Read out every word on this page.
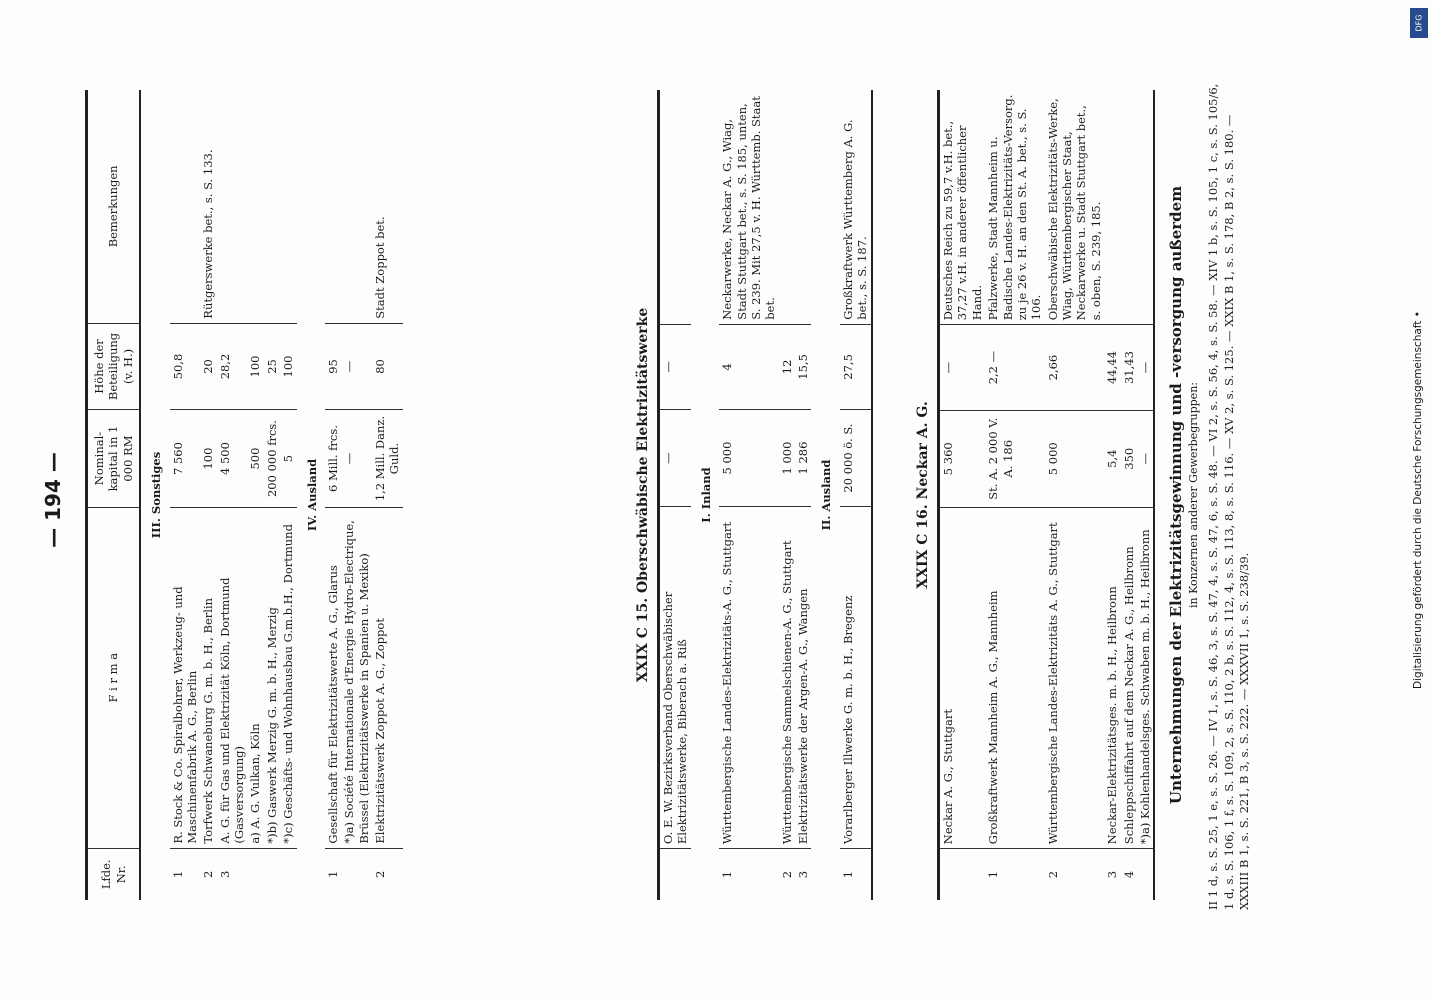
Digitalisierung gefördert durch die Deutsche Forschungsgemeinschaft •
DFG
— 194 —
Lfde. Nr.	F i r m a	Nominal-kapital in 1 000 RM	Höhe der Beteiligung (v. H.)	Bemerkungen
III. Sonstiges				
1	R. Stock & Co. Spiralbohrer, Werkzeug- und Maschinenfabrik A. G., Berlin	7 560	50,8	
2	Torfwerk Schwaneburg G. m. b. H., Berlin	100	20	Rütgerswerke bet., s. S. 133.
3	A. G. für Gas und Elektrizität Köln, Dortmund (Gasversorgung)	4 500	28,2	
	a) A. G. Vulkan, Köln	500	100	
	*)b) Gaswerk Merzig G. m. b. H., Merzig	200 000 frcs.	25	
	*)c) Geschäfts- und Wohnhausbau G.m.b.H., Dortmund	5	100	
IV. Ausland				
1	Gesellschaft für Elektrizitätswerte A. G., Glarus	6 Mill. frcs.	95	
	*)a) Société Internationale d'Energie Hydro-Electrique, Brüssel (Elektrizitätswerke in Spanien u. Mexiko)	—	—	
2	Elektrizitätswerk Zoppot A. G., Zoppot	1,2 Mill. Danz. Guld.	80	Stadt Zoppot bet.
XXIX C 15. Oberschwäbische Elektrizitätswerke
	O. E. W. Bezirksverband Oberschwäbischer Elektrizitätswerke, Biberach a. Riß	—	—	
I. Inland				
1	Württembergische Landes-Elektrizitäts-A. G., Stuttgart	5 000	4	Neckarwerke, Neckar A. G., Wiag, Stadt Stuttgart bet., s. S. 185, unten, S. 239. Mit 27,5 v. H. Württemb. Staat bet.
2	Württembergische Sammelschienen-A. G., Stuttgart	1 000	12	
3	Elektrizitätswerke der Argen-A. G., Wangen	1 286	15,5	
II. Ausland				
1	Vorarlberger Illwerke G. m. b. H., Bregenz	20 000 ö. S.	27,5	Großkraftwerk Württemberg A. G. bet., s. S. 187.
XXIX C 16. Neckar A. G.
	Neckar A. G., Stuttgart	5 360	—	Deutsches Reich zu 59,7 v.H. bet., 37,27 v.H. in anderer öffentlicher Hand.
1	Großkraftwerk Mannheim A. G., Mannheim	St. A. 2 000 V. A. 186	2,2 —	Pfalzwerke, Stadt Mannheim u. Badische Landes-Elektrizitäts-Versorg. zu je 26 v. H. an den St. A. bet., s. S. 106.
2	Württembergische Landes-Elektrizitäts A. G., Stuttgart	5 000	2,66	Oberschwäbische Elektrizitäts-Werke, Wiag, Württembergischer Staat, Neckarwerke u. Stadt Stuttgart bet., s. oben, S. 239, 185.
3	Neckar-Elektrizitätsges. m. b. H., Heilbronn	5,4	44,44	
4	Schleppschiffahrt auf dem Neckar A. G., Heilbronn	350	31,43	
	*)a) Kohlenhandelsges. Schwaben m. b. H., Heilbronn	—	—	Unternehmungen der Elektrizitätsgewinnung und -versorgung außerdem in Konzernen anderer Gewerbegruppen: II 1 d, s. S. 25, 1 e, s. S. 26. — IV 1, s. S. 46, 3, s. S. 47, 4, s. S. 47, 6, s. S. 48. — VI 2, s. S. 56, 4, s. S. 58. — XIV 1 b, s. S. 105, 1 c, s. S. 105/6, 1 d, s. S. 106, 1 f, s. S. 109, 2, s. S. 110, 2 b, s. S. 112, 4, s. S. 113, 8, s. S. 116. — XV 2, s. S. 125. — XXIX B 1, s. S. 178, B 2, s. S. 180. — XXXIII B 1, s. S. 221, B 3, s. S. 222. — XXXVII 1, s. S. 238/39.
